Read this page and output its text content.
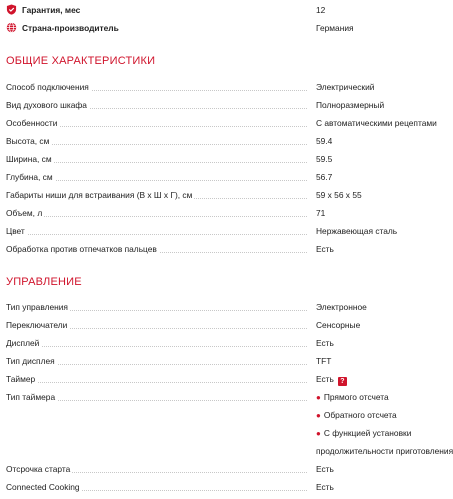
Гарантия, мес	12
Страна-производитель	Германия
ОБЩИЕ ХАРАКТЕРИСТИКИ
Способ подключения	Электрический
Вид духового шкафа	Полноразмерный
Особенности	С автоматическими рецептами
Высота, см	59.4
Ширина, см	59.5
Глубина, см	56.7
Габариты ниши для встраивания (В x Ш x Г), см	59 x 56 x 55
Объем, л	71
Цвет	Нержавеющая сталь
Обработка против отпечатков пальцев	Есть
УПРАВЛЕНИЕ
Тип управления	Электронное
Переключатели	Сенсорные
Дисплей	Есть
Тип дисплея	TFT
Таймер	Есть ?
Тип таймера	● Прямого отсчета
● Обратного отсчета
● С функцией установки
продолжительности приготовления
Отсрочка старта	Есть
Connected Cooking	Есть
